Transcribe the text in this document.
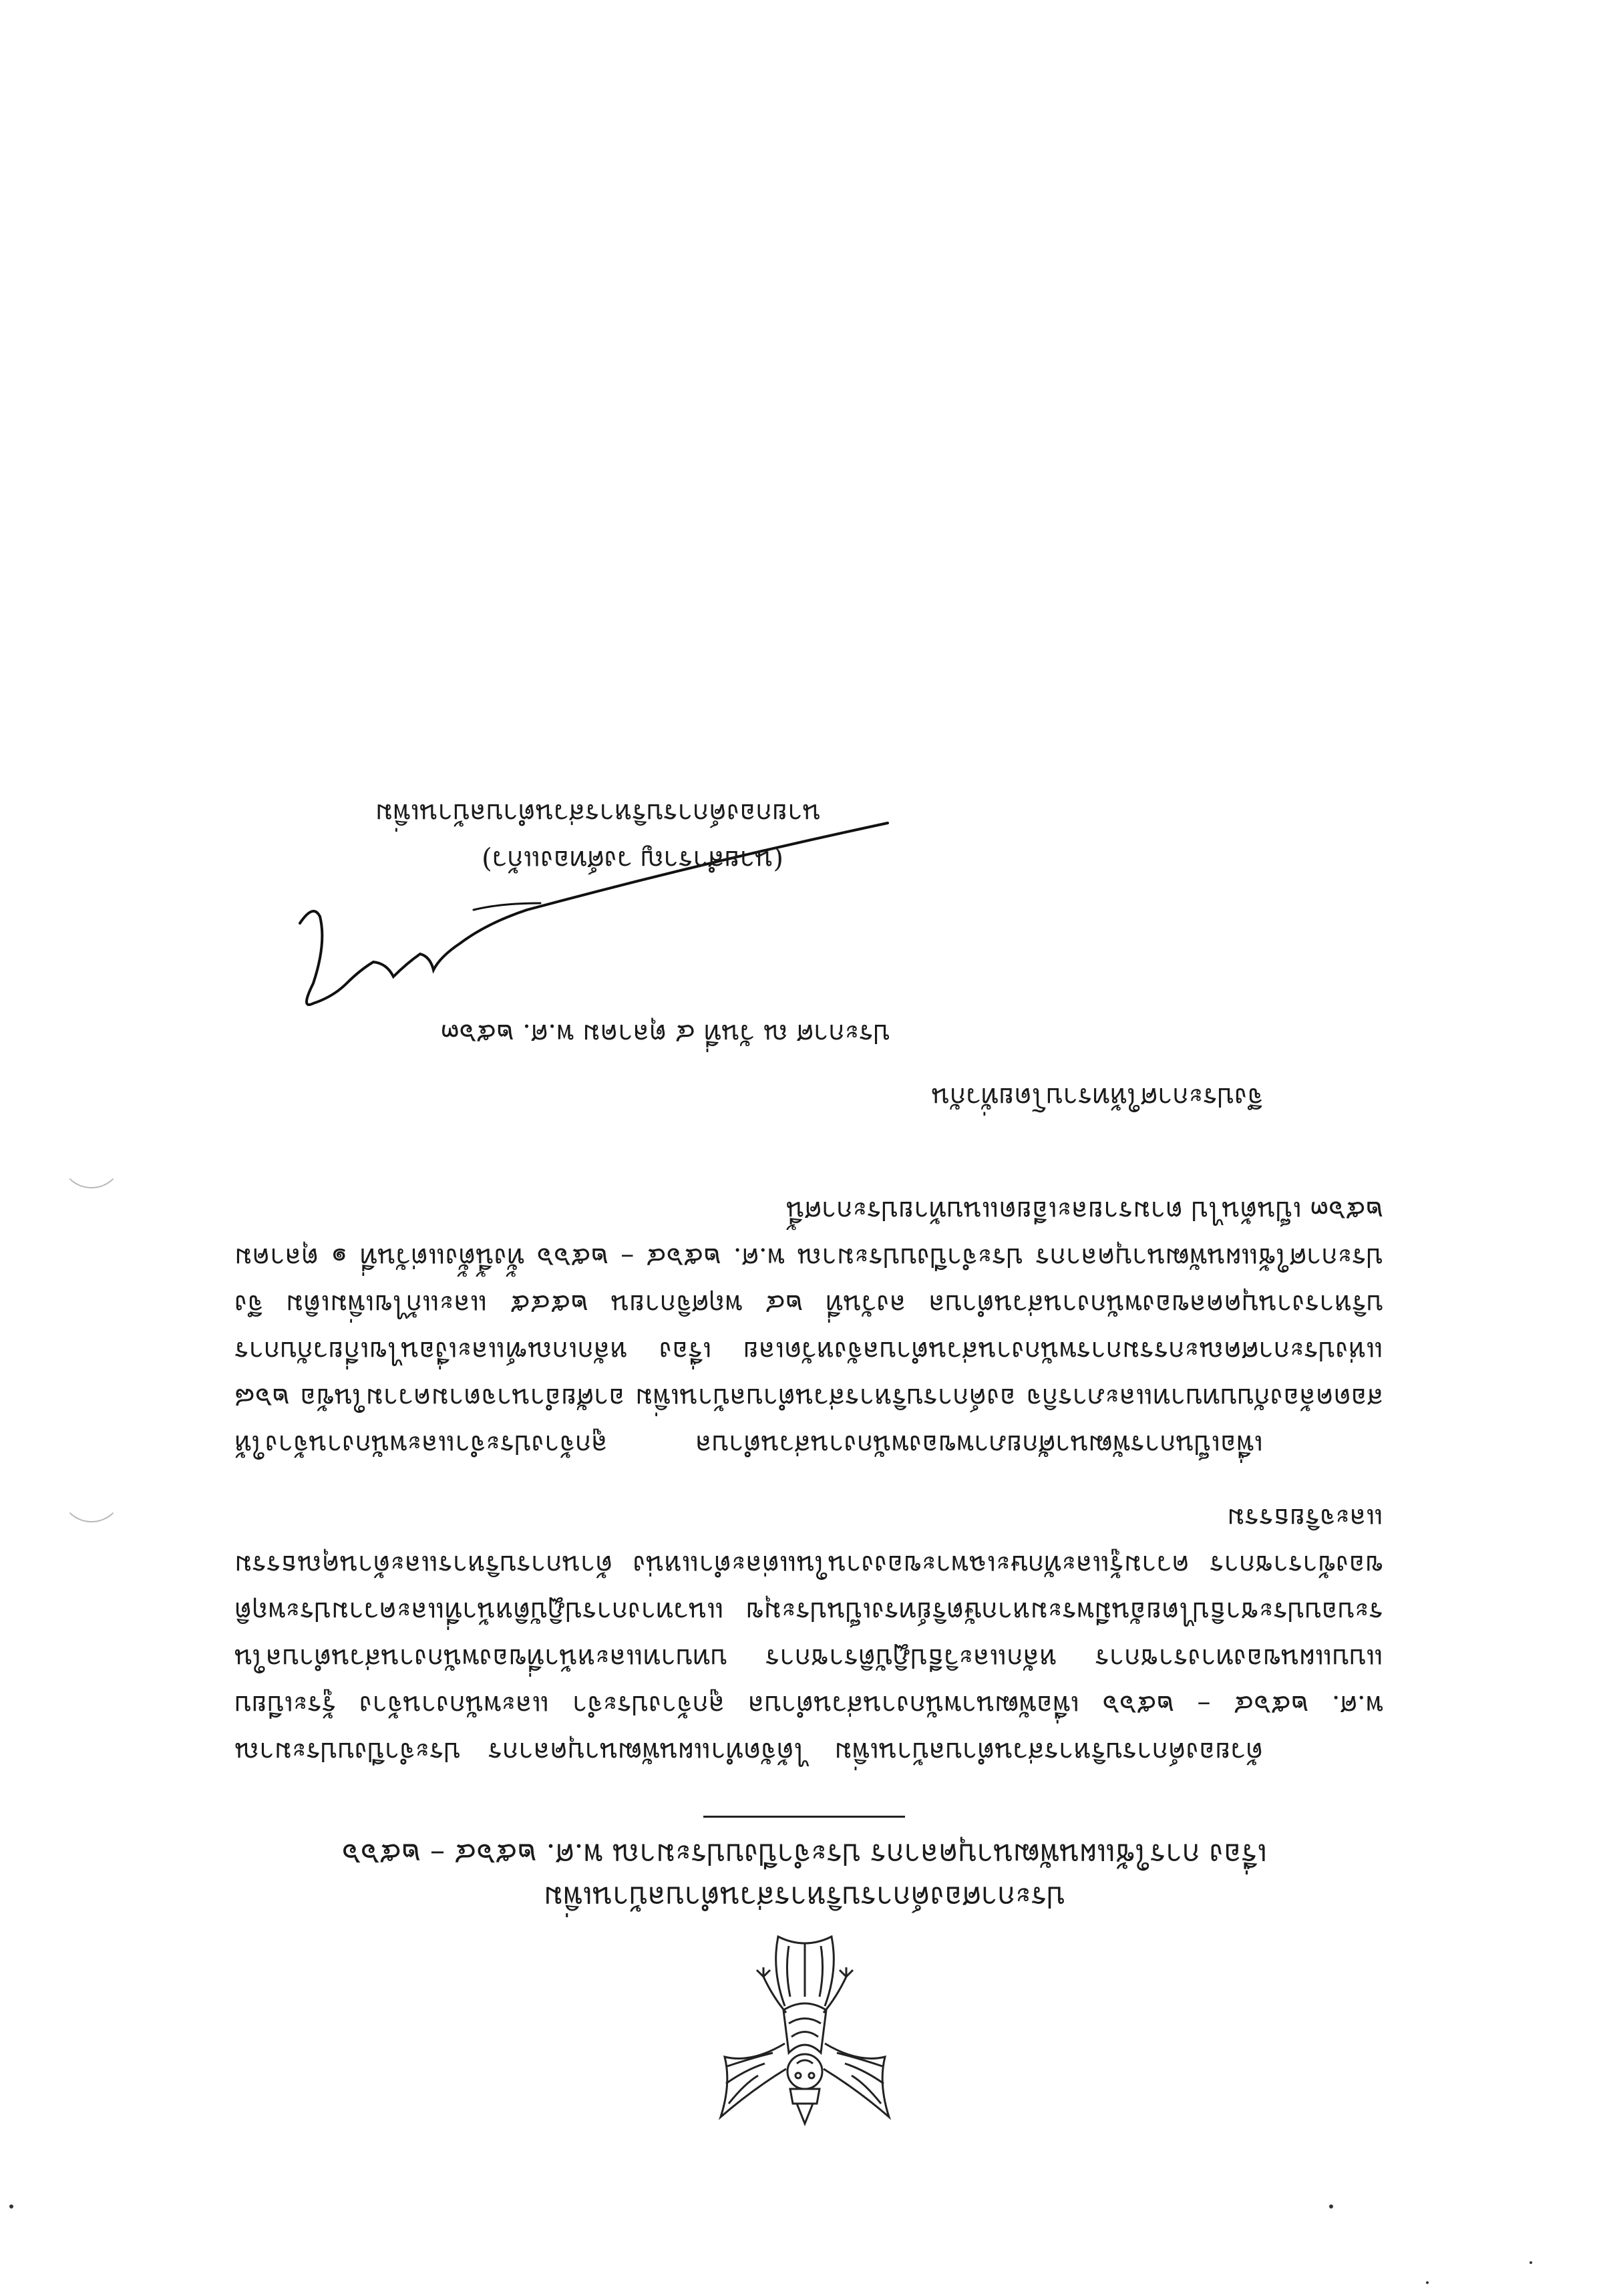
ประกาศองค์การบริหารส่วนตำบลบ้านเพิ่ม
เรื่อง การใช้แผนพัฒนาบุคลากร ประจำปีงบประมาณ พ.ศ. ๒๕๖๔ – ๒๕๖๖
ด้วยองค์การบริหารส่วนตำบลบ้านเพิ่ม ได้จัดทำแผนพัฒนาบุคลากร ประจำปีงบประมาณ พ.ศ. ๒๕๖๔ – ๒๕๖๖ เพื่อพัฒนาพนักงานส่วนตำบล ลูกจ้างประจำ และพนักงานจ้าง รู้ระเบียบแบบแผนของทางราชการ หลักและวิธีปฏิบัติราชการ บทบาทและหน้าที่ของพนักงานส่วนตำบลในระบอบประชาธิปไตยอันมีพระมหากษัตริย์ทรงเป็นประมุข แนวทางการปฏิบัติหน้าที่และความประพฤติของข้าราชการ ความรู้และทักษะเฉพาะของงานในแต่ละตำแหน่ง ด้านการบริหารและด้านคุณธรรมและจริยธรรม
เพื่อเป็นการพัฒนาศักยภาพของพนักงานส่วนตำบล ลูกจ้างประจำและพนักงานจ้างให้สอดคล้องกับบทบาทและภารกิจ องค์การบริหารส่วนตำบลบ้านเพิ่ม อาศัยอำนาจตามความในข้อ ๒๖๘ แห่งประกาศคณะกรรมการพนักงานส่วนตำบลจังหวัดเลย เรื่อง หลักเกณฑ์และเงื่อนไขเกี่ยวกับการบริหารงานบุคคลของพนักงานส่วนตำบล ลงวันที่ ๒๔ พฤศจิกายน ๒๕๔๕ และแก้ไขเพิ่มเติม จึงประกาศใช้แผนพัฒนาบุคลากร ประจำปีงบประมาณ พ.ศ. ๒๕๖๔ – ๒๕๖๖ ทั้งนี้ตั้งแต่วันที่ ๑ ตุลาคม ๒๕๖๓ เป็นต้นไป ตามรายละเอียดแนบท้ายประกาศนี้
จึงประกาศให้ทราบโดยทั่วกัน
ประกาศ ณ วันที่ ๔ ตุลาคม พ.ศ. ๒๕๖๓
(นายสำราญ วงศ์ทองแก้ว)
นายกองค์การบริหารส่วนตำบลบ้านเพิ่ม
